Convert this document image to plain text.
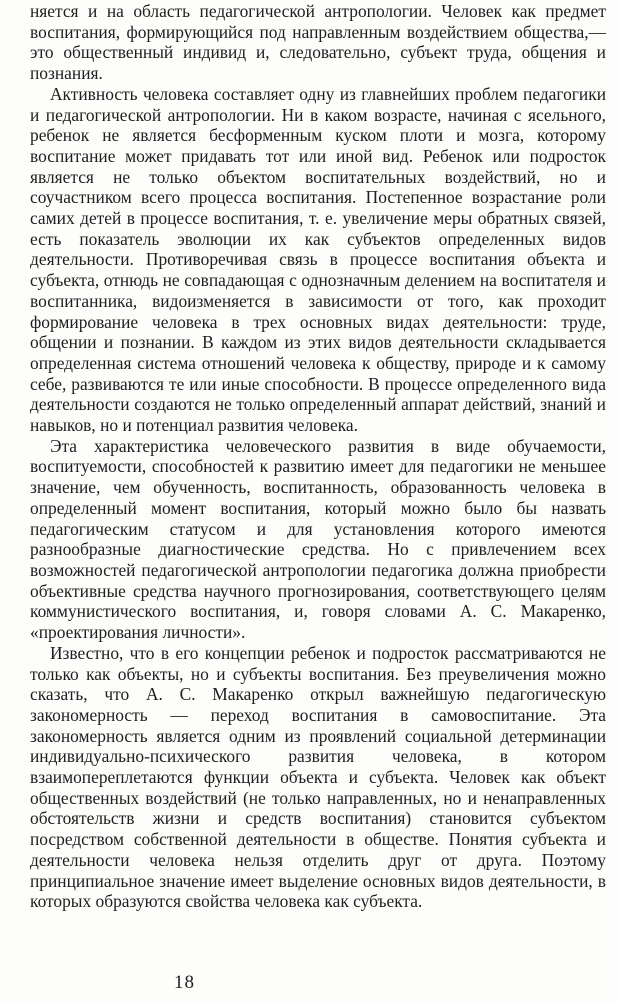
няется и на область педагогической антропологии. Человек как предмет воспитания, формирующийся под направленным воздействием общества,— это общественный индивид и, следовательно, субъект труда, общения и познания.

Активность человека составляет одну из главнейших проблем педагогики и педагогической антропологии. Ни в каком возрасте, начиная с ясельного, ребенок не является бесформенным куском плоти и мозга, которому воспитание может придавать тот или иной вид. Ребенок или подросток является не только объектом воспитательных воздействий, но и соучастником всего процесса воспитания. Постепенное возрастание роли самих детей в процессе воспитания, т. е. увеличение меры обратных связей, есть показатель эволюции их как субъектов определенных видов деятельности. Противоречивая связь в процессе воспитания объекта и субъекта, отнюдь не совпадающая с однозначным делением на воспитателя и воспитанника, видоизменяется в зависимости от того, как проходит формирование человека в трех основных видах деятельности: труде, общении и познании. В каждом из этих видов деятельности складывается определенная система отношений человека к обществу, природе и к самому себе, развиваются те или иные способности. В процессе определенного вида деятельности создаются не только определенный аппарат действий, знаний и навыков, но и потенциал развития человека.

Эта характеристика человеческого развития в виде обучаемости, воспитуемости, способностей к развитию имеет для педагогики не меньшее значение, чем обученность, воспитанность, образованность человека в определенный момент воспитания, который можно было бы назвать педагогическим статусом и для установления которого имеются разнообразные диагностические средства. Но с привлечением всех возможностей педагогической антропологии педагогика должна приобрести объективные средства научного прогнозирования, соответствующего целям коммунистического воспитания, и, говоря словами А. С. Макаренко, «проектирования личности».

Известно, что в его концепции ребенок и подросток рассматриваются не только как объекты, но и субъекты воспитания. Без преувеличения можно сказать, что А. С. Макаренко открыл важнейшую педагогическую закономерность — переход воспитания в самовоспитание. Эта закономерность является одним из проявлений социальной детерминации индивидуально-психического развития человека, в котором взаимопереплетаются функции объекта и субъекта. Человек как объект общественных воздействий (не только направленных, но и ненаправленных обстоятельств жизни и средств воспитания) становится субъектом посредством собственной деятельности в обществе. Понятия субъекта и деятельности человека нельзя отделить друг от друга. Поэтому принципиальное значение имеет выделение основных видов деятельности, в которых образуются свойства человека как субъекта.

18
